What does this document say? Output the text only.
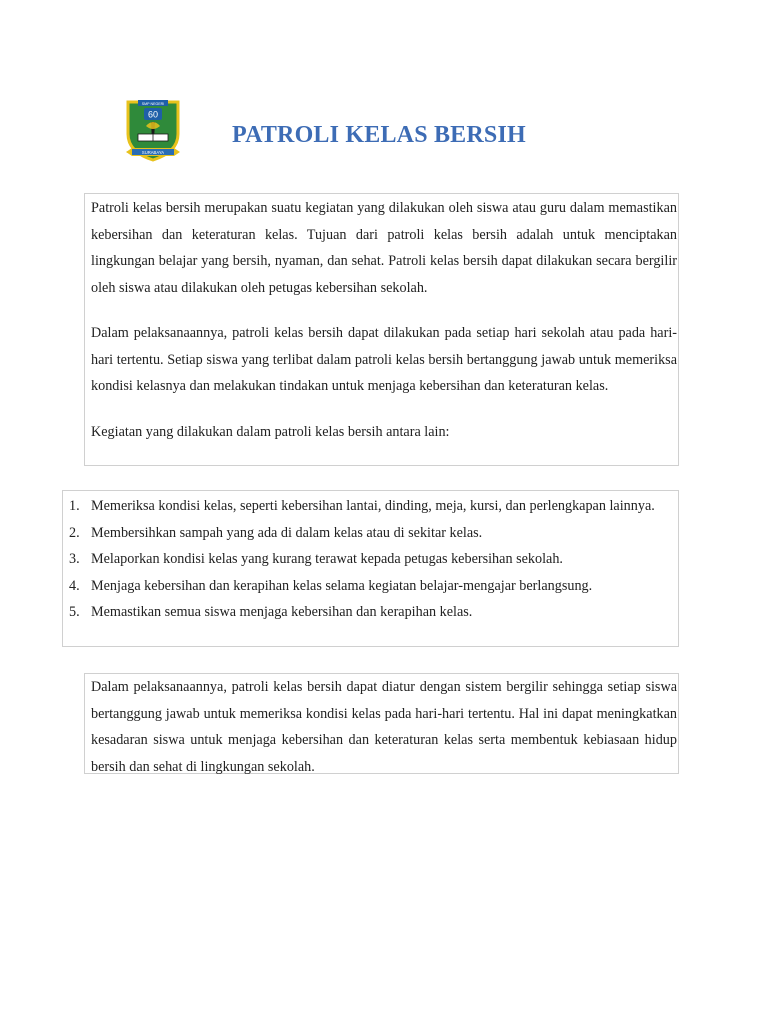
SMP NEGERI
60
SURABAYA
PATROLI KELAS BERSIH

Patroli kelas bersih merupakan suatu kegiatan yang dilakukan oleh siswa atau guru dalam memastikan kebersihan dan keteraturan kelas. Tujuan dari patroli kelas bersih adalah untuk menciptakan lingkungan belajar yang bersih, nyaman, dan sehat. Patroli kelas bersih dapat dilakukan secara bergilir oleh siswa atau dilakukan oleh petugas kebersihan sekolah.

Dalam pelaksanaannya, patroli kelas bersih dapat dilakukan pada setiap hari sekolah atau pada hari-hari tertentu. Setiap siswa yang terlibat dalam patroli kelas bersih bertanggung jawab untuk memeriksa kondisi kelasnya dan melakukan tindakan untuk menjaga kebersihan dan keteraturan kelas.

Kegiatan yang dilakukan dalam patroli kelas bersih antara lain:

1. Memeriksa kondisi kelas, seperti kebersihan lantai, dinding, meja, kursi, dan perlengkapan lainnya.
2. Membersihkan sampah yang ada di dalam kelas atau di sekitar kelas.
3. Melaporkan kondisi kelas yang kurang terawat kepada petugas kebersihan sekolah.
4. Menjaga kebersihan dan kerapihan kelas selama kegiatan belajar-mengajar berlangsung.
5. Memastikan semua siswa menjaga kebersihan dan kerapihan kelas.

Dalam pelaksanaannya, patroli kelas bersih dapat diatur dengan sistem bergilir sehingga setiap siswa bertanggung jawab untuk memeriksa kondisi kelas pada hari-hari tertentu. Hal ini dapat meningkatkan kesadaran siswa untuk menjaga kebersihan dan keteraturan kelas serta membentuk kebiasaan hidup bersih dan sehat di lingkungan sekolah.
